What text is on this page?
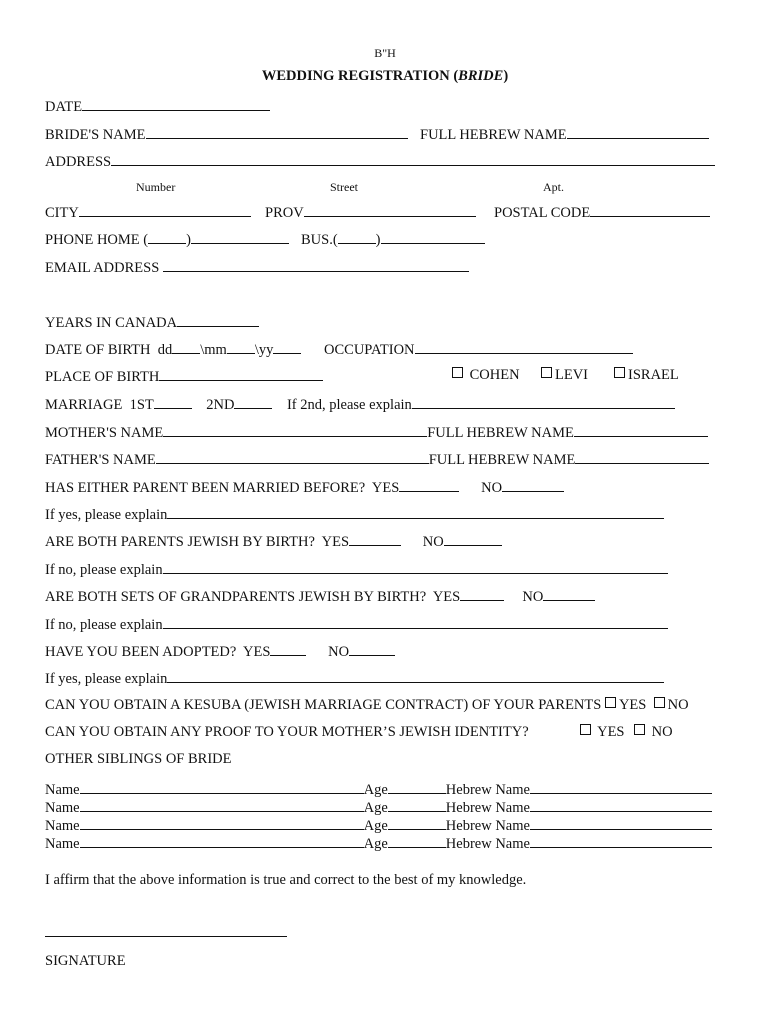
B"H
WEDDING REGISTRATION (BRIDE)
DATE
BRIDE'S NAME	FULL HEBREW NAME
ADDRESS
Number	Street	Apt.
CITY	PROV	POSTAL CODE
PHONE HOME (	)	BUS.(	)
EMAIL ADDRESS
YEARS IN CANADA
DATE OF BIRTH  dd \mm \yy	OCCUPATION
PLACE OF BIRTH	COHEN	LEVI	ISRAEL
MARRIAGE  1ST	2ND	If 2nd, please explain
MOTHER'S NAME	FULL HEBREW NAME
FATHER'S NAME	FULL HEBREW NAME
HAS EITHER PARENT BEEN MARRIED BEFORE?  YES	NO
If yes, please explain
ARE BOTH PARENTS JEWISH BY BIRTH?  YES	NO
If no, please explain
ARE BOTH SETS OF GRANDPARENTS JEWISH BY BIRTH?  YES	NO
If no, please explain
HAVE YOU BEEN ADOPTED?  YES	NO
If yes, please explain
CAN YOU OBTAIN A KESUBA (JEWISH MARRIAGE CONTRACT) OF YOUR PARENTS YES NO
CAN YOU OBTAIN ANY PROOF TO YOUR MOTHER’S JEWISH IDENTITY?	YES	NO
OTHER SIBLINGS OF BRIDE
Name	Age	Hebrew Name
Name	Age	Hebrew Name
Name	Age	Hebrew Name
Name	Age	Hebrew Name
I affirm that the above information is true and correct to the best of my knowledge.
SIGNATURE
